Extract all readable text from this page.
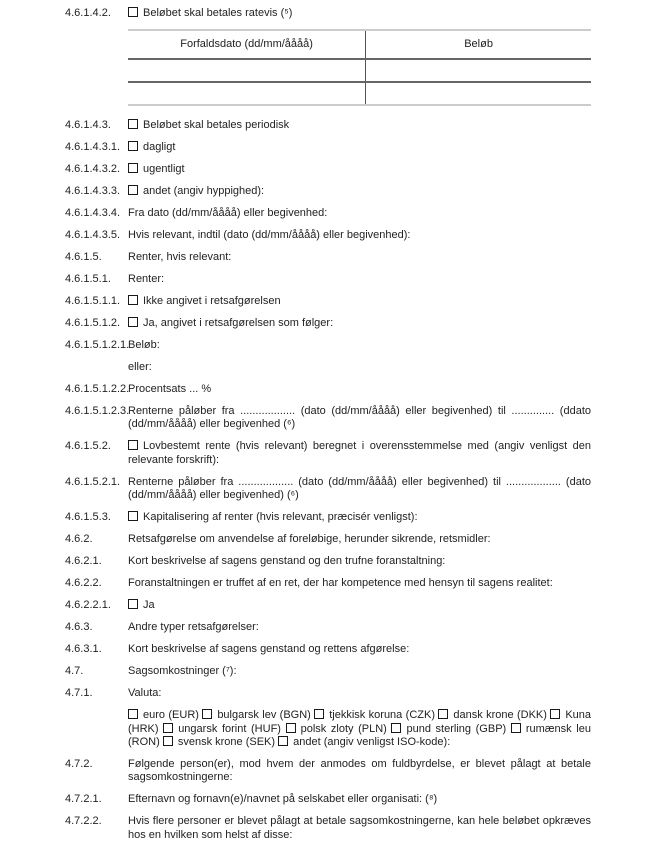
4.6.1.4.2.	Beløbet skal betales ratevis (⁵)
Forfaldsdato (dd/mm/åååå)	Beløb

4.6.1.4.3.	Beløbet skal betales periodisk
4.6.1.4.3.1.	dagligt
4.6.1.4.3.2.	ugentligt
4.6.1.4.3.3.	andet (angiv hyppighed):
4.6.1.4.3.4. Fra dato (dd/mm/åååå) eller begivenhed:
4.6.1.4.3.5. Hvis relevant, indtil (dato (dd/mm/åååå) eller begivenhed):
4.6.1.5.	Renter, hvis relevant:
4.6.1.5.1.	Renter:
4.6.1.5.1.1.	Ikke angivet i retsafgørelsen
4.6.1.5.1.2.	Ja, angivet i retsafgørelsen som følger:
4.6.1.5.1.2.1.
Beløb:
eller:
4.6.1.5.1.2.2.
Procentsats ... %
4.6.1.5.1.2.3.
Renterne påløber fra .................. (dato (dd/mm/åååå) eller begivenhed) til .............. (ddato (dd/mm/åååå) eller begivenhed (⁶)
4.6.1.5.2.	Lovbestemt rente (hvis relevant) beregnet i overensstemmelse med (angiv venligst den relevante forskrift):
4.6.1.5.2.1. Renterne påløber fra .................. (dato (dd/mm/åååå) eller begivenhed) til .................. (dato (dd/mm/åååå) eller begivenhed) (⁶)
4.6.1.5.3.	Kapitalisering af renter (hvis relevant, præcisér venligst):
4.6.2.	Retsafgørelse om anvendelse af foreløbige, herunder sikrende, retsmidler:
4.6.2.1.	Kort beskrivelse af sagens genstand og den trufne foranstaltning:
4.6.2.2.	Foranstaltningen er truffet af en ret, der har kompetence med hensyn til sagens realitet:
4.6.2.2.1.	Ja
4.6.3.	Andre typer retsafgørelser:
4.6.3.1.	Kort beskrivelse af sagens genstand og rettens afgørelse:
4.7.	Sagsomkostninger (⁷):
4.7.1.	Valuta:
euro (EUR) bulgarsk lev (BGN) tjekkisk koruna (CZK) dansk krone (DKK) Kuna (HRK) ungarsk forint (HUF) polsk zloty (PLN) pund sterling (GBP) rumænsk leu (RON) svensk krone (SEK) andet (angiv venligst ISO-kode):
4.7.2.	Følgende person(er), mod hvem der anmodes om fuldbyrdelse, er blevet pålagt at betale sagsomkostningerne:
4.7.2.1.	Efternavn og fornavn(e)/navnet på selskabet eller organisati: (⁸)
4.7.2.2.	Hvis flere personer er blevet pålagt at betale sagsomkostningerne, kan hele beløbet opkræves hos en hvilken som helst af disse:
